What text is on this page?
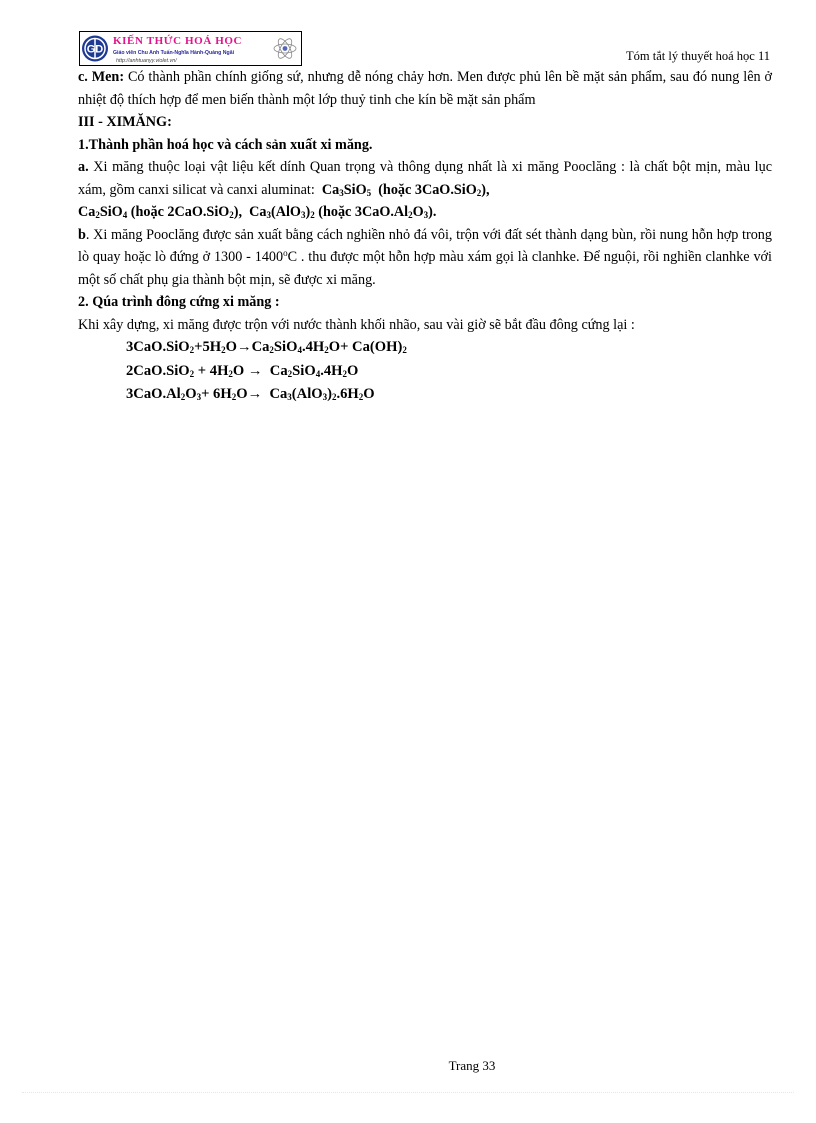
GD
KIẾN THỨC HOÁ HỌC
Giáo viên Chu Anh Tuấn-Nghĩa Hành-Quảng Ngãi
http://anhtuanyy.violet.vn/	Tóm tắt lý thuyết hoá học 11

c. Men: Có thành phần chính giống sứ, nhưng dễ nóng chảy hơn. Men được phủ lên bề mặt sản phẩm, sau đó nung lên ở nhiệt độ thích hợp để men biến thành một lớp thuỷ tinh che kín bề mặt sản phẩm

III - XIMĂNG:

1.Thành phần hoá học và cách sản xuất xi măng.

a. Xi măng thuộc loại vật liệu kết dính Quan trọng và thông dụng nhất là xi măng Pooclăng : là chất bột mịn, màu lục xám, gồm canxi silicat và canxi aluminat: $Ca_3SiO_5$  (hoặc 3CaO.SiO$_2$),
$Ca_2SiO_4$ (hoặc 2CaO.SiO$_2$),  $Ca_3(AlO_3)_2$ (hoặc $3CaO.Al_2O_3$).

b. Xi măng Pooclăng được sản xuất bằng cách nghiền nhỏ đá vôi, trộn với đất sét thành dạng bùn, rồi nung hỗn hợp trong lò quay hoặc lò đứng ở 1300 - 1400$^o$C . thu được một hỗn hợp màu xám gọi là clanhke. Để nguội, rồi nghiền clanhke với một số chất phụ gia thành bột mịn, sẽ được xi măng.

2. Qúa trình đông cứng xi măng :

Khi xây dựng, xi măng được trộn với nước thành khối nhão, sau vài giờ sẽ bắt đầu đông cứng lại :

$3CaO.SiO_2+5H_2O\to Ca_2SiO_4.4H_2O+ Ca(OH)_2$

$2CaO.SiO_2 + 4H_2O \to Ca_2SiO_4.4H_2O$

$3CaO.Al_2O_3+ 6H_2O\to Ca_3(AlO_3)_2.6H_2O$

Trang 33
